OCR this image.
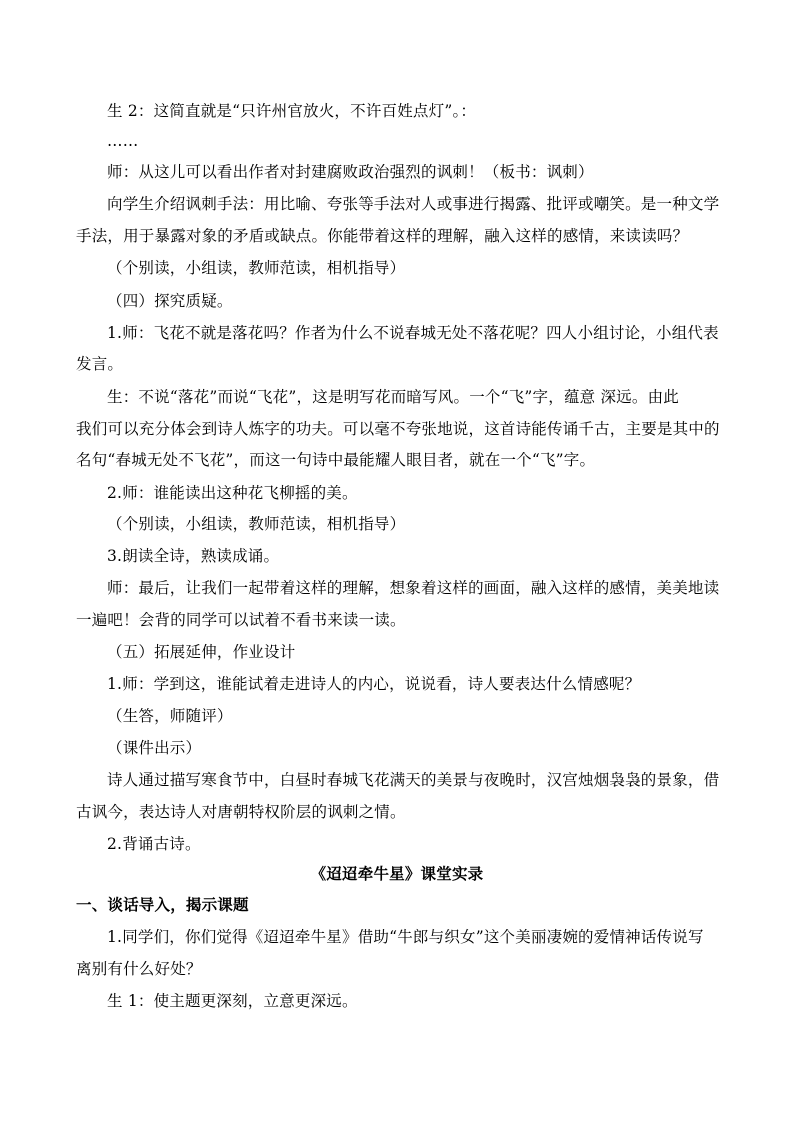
生 2：这简直就是“只许州官放火，不许百姓点灯”。：
……
师：从这儿可以看出作者对封建腐败政治强烈的讽刺！（板书：讽刺）
向学生介绍讽刺手法：用比喻、夸张等手法对人或事进行揭露、批评或嘲笑。是一种文学
手法，用于暴露对象的矛盾或缺点。你能带着这样的理解，融入这样的感情，来读读吗？
（个别读，小组读，教师范读，相机指导）
（四）探究质疑。
1.师：飞花不就是落花吗？作者为什么不说春城无处不落花呢？四人小组讨论，小组代表
发言。
生：不说“落花”而说“飞花”，这是明写花而暗写风。一个“飞”字，蕴意 深远。由此
我们可以充分体会到诗人炼字的功夫。可以毫不夸张地说，这首诗能传诵千古，主要是其中的
名句“春城无处不飞花”，而这一句诗中最能耀人眼目者，就在一个“飞”字。
2.师：谁能读出这种花飞柳摇的美。
（个别读，小组读，教师范读，相机指导）
3.朗读全诗，熟读成诵。
师：最后，让我们一起带着这样的理解，想象着这样的画面，融入这样的感情，美美地读
一遍吧！会背的同学可以试着不看书来读一读。
（五）拓展延伸，作业设计
1.师：学到这，谁能试着走进诗人的内心，说说看，诗人要表达什么情感呢？
（生答，师随评）
（课件出示）
诗人通过描写寒食节中，白昼时春城飞花满天的美景与夜晚时，汉宫烛烟袅袅的景象，借
古讽今，表达诗人对唐朝特权阶层的讽刺之情。
2.背诵古诗。
《迢迢牵牛星》课堂实录
一、谈话导入，揭示课题
1.同学们，你们觉得《迢迢牵牛星》借助“牛郎与织女”这个美丽凄婉的爱情神话传说写
离别有什么好处？
生 1：使主题更深刻，立意更深远。
